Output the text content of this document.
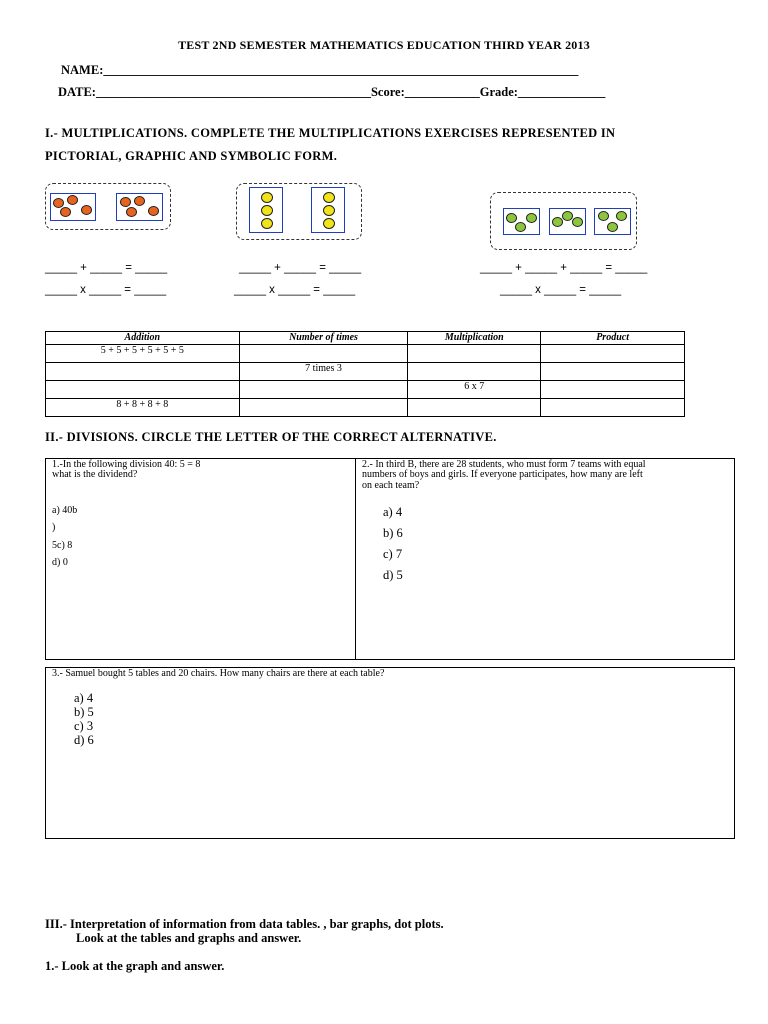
TEST 2ND SEMESTER MATHEMATICS EDUCATION THIRD YEAR 2013
NAME:____________________________________________________________________________
DATE:____________________________________________Score:____________Grade:______________
I.- MULTIPLICATIONS. COMPLETE THE MULTIPLICATIONS EXERCISES REPRESENTED IN
PICTORIAL, GRAPHIC AND SYMBOLIC FORM.
_____ + _____ = _____
_____ x _____ = _____
_____ + _____ = _____
_____ x _____ = _____
_____ + _____ + _____ = _____
_____ x _____ = _____
Addition	Number of times	Multiplication	Product
5 + 5 + 5 + 5 + 5 + 5			
	7 times 3		
		6 x 7	
8 + 8 + 8 + 8			
II.- DIVISIONS. CIRCLE THE LETTER OF THE CORRECT ALTERNATIVE.
1.-In the following division 40: 5 = 8
what is the dividend?
a) 40b
)
5c) 8
d) 0
2.- In third B, there are 28 students, who must form 7 teams with equal
numbers of boys and girls. If everyone participates, how many are left
on each team?
a) 4
b) 6
c) 7
d) 5
3.- Samuel bought 5 tables and 20 chairs. How many chairs are there at each table?
a) 4
b) 5
c) 3
d) 6
III.- Interpretation of information from data tables. , bar graphs, dot plots.
Look at the tables and graphs and answer.
1.- Look at the graph and answer.
